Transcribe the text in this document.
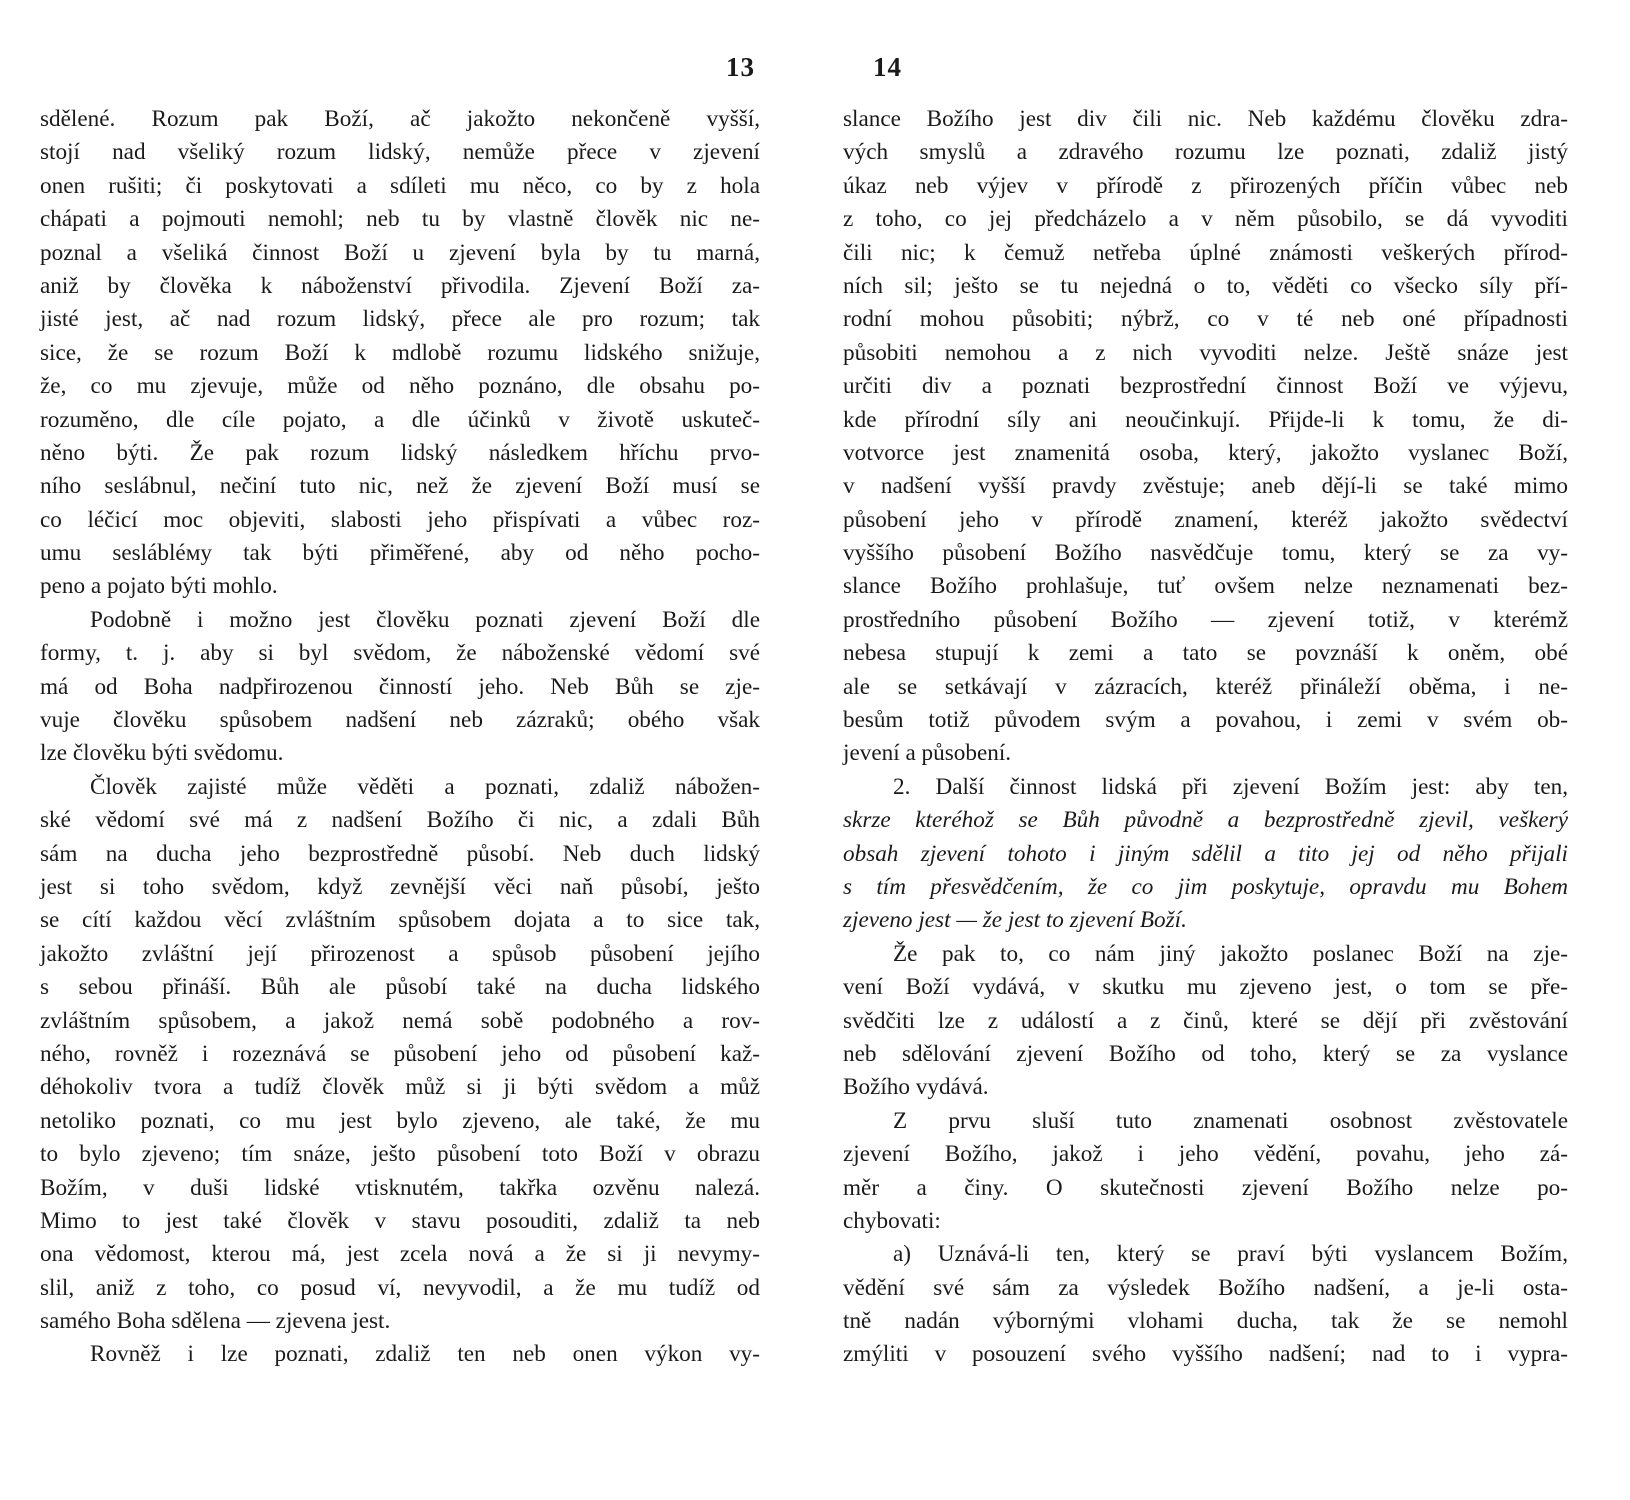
13
sdělené. Rozum pak Boží, ač jakožto nekončeně vyšší,
stojí nad všeliký rozum lidský, nemůže přece v zjevení
onen rušiti; či poskytovati a sdíleti mu něco, co by z hola
chápati a pojmouti nemohl; neb tu by vlastně člověk nic ne-
poznal a všeliká činnost Boží u zjevení byla by tu marná,
aniž by člověka k náboženství přivodila. Zjevení Boží za-
jisté jest, ač nad rozum lidský, přece ale pro rozum; tak
sice, že se rozum Boží k mdlobě rozumu lidského snižuje,
že, co mu zjevuje, může od něho poznáno, dle obsahu po-
rozuměno, dle cíle pojato, a dle účinků v životě uskuteč-
něno býti. Že pak rozum lidský následkem hříchu prvo-
ního seslábnul, nečiní tuto nic, než že zjevení Boží musí se
co léčicí moc objeviti, slabosti jeho přispívati a vůbec roz-
umu seslábléму tak býti přiměřené, aby od něho pocho-
peno a pojato býti mohlo.
Podobně i možno jest člověku poznati zjevení Boží dle
formy, t. j. aby si byl svědom, že náboženské vědomí své
má od Boha nadpřirozenou činností jeho. Neb Bůh se zje-
vuje člověku spůsobem nadšení neb zázraků; obého však
lze člověku býti svědomu.
Člověk zajisté může věděti a poznati, zdaliž nábožen-
ské vědomí své má z nadšení Božího či nic, a zdali Bůh
sám na ducha jeho bezprostředně působí. Neb duch lidský
jest si toho svědom, když zevnější věci naň působí, ješto
se cítí každou věcí zvláštním spůsobem dojata a to sice tak,
jakožto zvláštní její přirozenost a spůsob působení jejího
s sebou přináší. Bůh ale působí také na ducha lidského
zvláštním spůsobem, a jakož nemá sobě podobného a rov-
ného, rovněž i rozeznává se působení jeho od působení kaž-
déhokoliv tvora a tudíž člověk můž si ji býti svědom a můž
netoliko poznati, co mu jest bylo zjeveno, ale také, že mu
to bylo zjeveno; tím snáze, ješto působení toto Boží v obrazu
Božím, v duši lidské vtisknutém, takřka ozvěnu nalezá.
Mimo to jest také člověk v stavu posouditi, zdaliž ta neb
ona vědomost, kterou má, jest zcela nová a že si ji nevymy-
slil, aniž z toho, co posud ví, nevyvodil, a že mu tudíž od
samého Boha sdělena — zjevena jest.
Rovněž i lze poznati, zdaliž ten neb onen výkon vy-
14
slance Božího jest div čili nic. Neb každému člověku zdra-
vých smyslů a zdravého rozumu lze poznati, zdaliž jistý
úkaz neb výjev v přírodě z přirozených příčin vůbec neb
z toho, co jej předcházelo a v něm působilo, se dá vyvoditi
čili nic; k čemuž netřeba úplné známosti veškerých přírod-
ních sil; ješto se tu nejedná o to, věděti co všecko síly pří-
rodní mohou působiti; nýbrž, co v té neb oné případnosti
působiti nemohou a z nich vyvoditi nelze. Ještě snáze jest
určiti div a poznati bezprostřední činnost Boží ve výjevu,
kde přírodní síly ani neoučinkují. Přijde-li k tomu, že di-
votvorce jest znamenitá osoba, který, jakožto vyslanec Boží,
v nadšení vyšší pravdy zvěstuje; aneb dějí-li se také mimo
působení jeho v přírodě znamení, kteréž jakožto svědectví
vyššího působení Božího nasvědčuje tomu, který se za vy-
slance Božího prohlašuje, tuť ovšem nelze neznamenati bez-
prostředního působení Božího — zjevení totiž, v kterémž
nebesa stupují k zemi a tato se povznáší k oněm, obé
ale se setkávají v zázracích, kteréž přináleží oběma, i ne-
besům totiž původem svým a povahou, i zemi v svém ob-
jevení a působení.
2. Další činnost lidská při zjevení Božím jest: aby ten,
skrze kteréhož se Bůh původně a bezprostředně zjevil, veškerý
obsah zjevení tohoto i jiným sdělil a tito jej od něho přijali
s tím přesvědčením, že co jim poskytuje, opravdu mu Bohem
zjeveno jest — že jest to zjevení Boží.
Že pak to, co nám jiný jakožto poslanec Boží na zje-
vení Boží vydává, v skutku mu zjeveno jest, o tom se pře-
svědčiti lze z událostí a z činů, které se dějí při zvěstování
neb sdělování zjevení Božího od toho, který se za vyslance
Božího vydává.
Z prvu sluší tuto znamenati osobnost zvěstovatele
zjevení Božího, jakož i jeho vědění, povahu, jeho zá-
měr a činy. O skutečnosti zjevení Božího nelze po-
chybovati:
a) Uznává-li ten, který se praví býti vyslancem Božím,
vědění své sám za výsledek Božího nadšení, a je-li osta-
tně nadán výbornými vlohami ducha, tak že se nemohl
zmýliti v posouzení svého vyššího nadšení; nad to i vypra-
